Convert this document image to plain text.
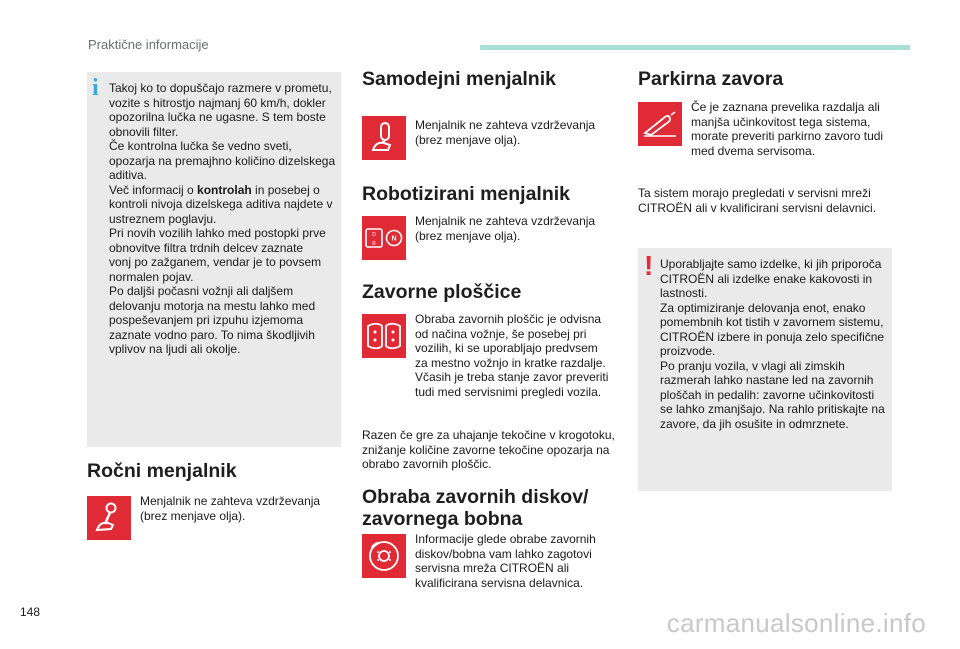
Praktične informacije
i Takoj ko to dopuščajo razmere v prometu,

vozite s hitrostjo najmanj 60 km/h, dokler

opozorilna lučka ne ugasne. S tem boste

obnovili filter.

Če kontrolna lučka še vedno sveti,

opozarja na premajhno količino dizelskega

aditiva.

Več informacij o kontrolah in posebej o

kontroli nivoja dizelskega aditiva najdete v

ustreznem poglavju.

Pri novih vozilih lahko med postopki prve

obnovitve filtra trdnih delcev zaznate

vonj po zažganem, vendar je to povsem

normalen pojav.

Po daljši počasni vožnji ali daljšem

delovanju motorja na mestu lahko med

pospeševanjem pri izpuhu izjemoma

zaznate vodno paro. To nima škodljivih

vplivov na ljudi ali okolje.

Ročni menjalnik
Menjalnik ne zahteva vzdrževanja
(brez menjave olja).
Samodejni menjalnik
Menjalnik ne zahteva vzdrževanja
(brez menjave olja).
Robotizirani menjalnik
D
R
N
Menjalnik ne zahteva vzdrževanja
(brez menjave olja).
Zavorne ploščice
Obraba zavornih ploščic je odvisna
od načina vožnje, še posebej pri
vozilih, ki se uporabljajo predvsem
za mestno vožnjo in kratke razdalje.
Včasih je treba stanje zavor preveriti
tudi med servisnimi pregledi vozila.
Razen če gre za uhajanje tekočine v krogotoku,
znižanje količine zavorne tekočine opozarja na
obrabo zavornih ploščic.
Obraba zavornih diskov/
zavornega bobna
Informacije glede obrabe zavornih
diskov/bobna vam lahko zagotovi
servisna mreža CITROËN ali
kvalificirana servisna delavnica.
Parkirna zavora
Če je zaznana prevelika razdalja ali
manjša učinkovitost tega sistema,
morate preveriti parkirno zavoro tudi
med dvema servisoma.
Ta sistem morajo pregledati v servisni mreži
CITROËN ali v kvalificirani servisni delavnici.
! Uporabljajte samo izdelke, ki jih priporoča

CITROËN ali izdelke enake kakovosti in

lastnosti.

Za optimiziranje delovanja enot, enako

pomembnih kot tistih v zavornem sistemu,

CITROËN izbere in ponuja zelo specifične

proizvode.

Po pranju vozila, v vlagi ali zimskih

razmerah lahko nastane led na zavornih

ploščah in pedalih: zavorne učinkovitosti

se lahko zmanjšajo. Na rahlo pritiskajte na

zavore, da jih osušite in odmrznete.

148	carmanualsonline.info
